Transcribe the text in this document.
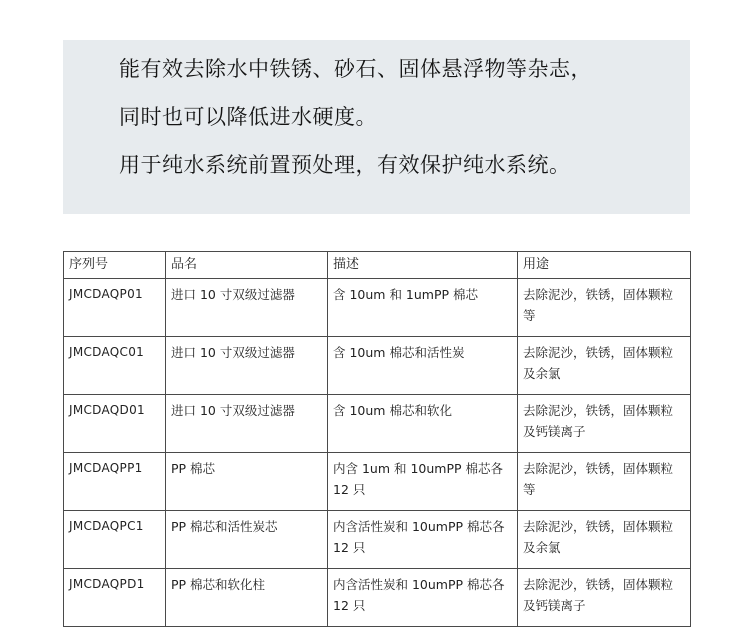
能有效去除水中铁锈、砂石、固体悬浮物等杂志，
同时也可以降低进水硬度。
用于纯水系统前置预处理，有效保护纯水系统。
序列号	品名	描述	用途
JMCDAQP01	进口 10 寸双级过滤器	含 10um 和 1umPP 棉芯	去除泥沙，铁锈，固体颗粒等
JMCDAQC01	进口 10 寸双级过滤器	含 10um 棉芯和活性炭	去除泥沙，铁锈，固体颗粒及余氯
JMCDAQD01	进口 10 寸双级过滤器	含 10um 棉芯和软化	去除泥沙，铁锈，固体颗粒及钙镁离子
JMCDAQPP1	PP 棉芯	内含 1um 和 10umPP 棉芯各 12 只	去除泥沙，铁锈，固体颗粒等
JMCDAQPC1	PP 棉芯和活性炭芯	内含活性炭和 10umPP 棉芯各 12 只	去除泥沙，铁锈，固体颗粒及余氯
JMCDAQPD1	PP 棉芯和软化柱	内含活性炭和 10umPP 棉芯各 12 只	去除泥沙，铁锈，固体颗粒及钙镁离子
